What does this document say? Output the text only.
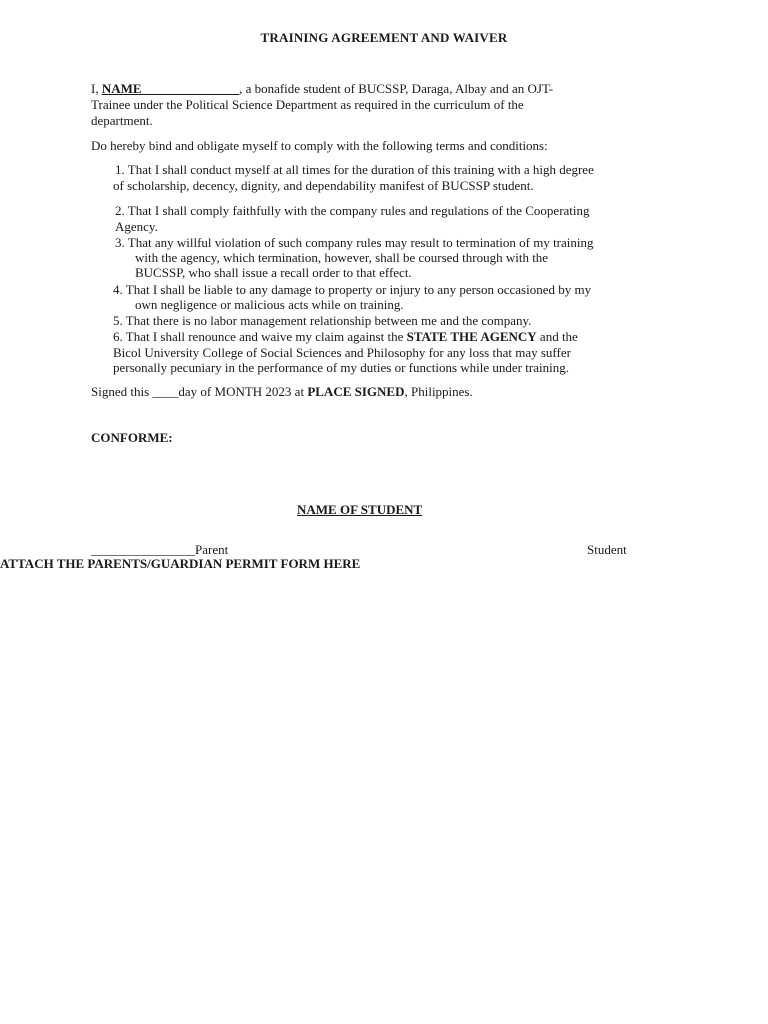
TRAINING AGREEMENT AND WAIVER
I, NAME_______________, a bonafide student of BUCSSP, Daraga, Albay and an OJT-
Trainee under the Political Science Department as required in the curriculum of the
department.
Do hereby bind and obligate myself to comply with the following terms and conditions:
1. That I shall conduct myself at all times for the duration of this training with a high degree
of scholarship, decency, dignity, and dependability manifest of BUCSSP student.
2. That I shall comply faithfully with the company rules and regulations of the Cooperating
Agency.
3. That any willful violation of such company rules may result to termination of my training
with the agency, which termination, however, shall be coursed through with the
BUCSSP, who shall issue a recall order to that effect.
4. That I shall be liable to any damage to property or injury to any person occasioned by my
own negligence or malicious acts while on training.
5. That there is no labor management relationship between me and the company.
6. That I shall renounce and waive my claim against the STATE THE AGENCY and the
Bicol University College of Social Sciences and Philosophy for any loss that may suffer
personally pecuniary in the performance of my duties or functions while under training.
Signed this ____day of MONTH 2023 at PLACE SIGNED, Philippines.
CONFORME:
NAME OF STUDENT
________________Parent	Student
ATTACH THE PARENTS/GUARDIAN PERMIT FORM HERE
